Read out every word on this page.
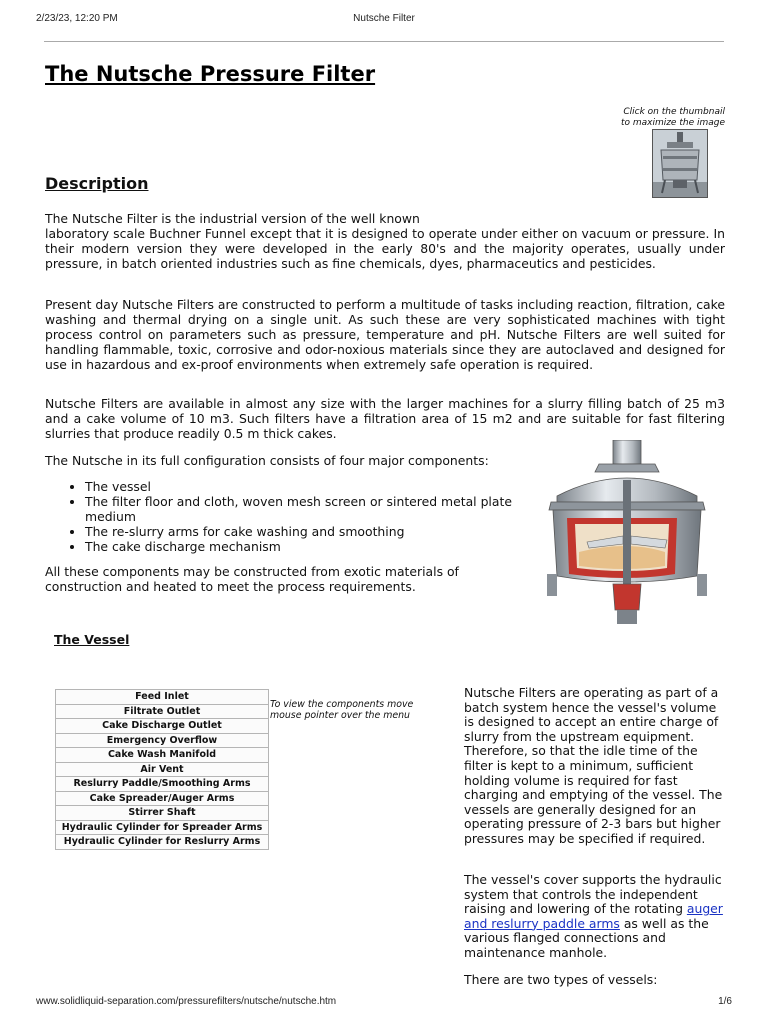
2/23/23, 12:20 PM	Nutsche Filter
The Nutsche Pressure Filter
Click on the thumbnail
to maximize the image
Description
The Nutsche Filter is the industrial version of the well known
laboratory scale Buchner Funnel except that it is designed to operate under either on vacuum or pressure. In their modern version they were developed in the early 80's and the majority operates, usually under pressure, in batch oriented industries such as fine chemicals, dyes, pharmaceutics and pesticides.

Present day Nutsche Filters are constructed to perform a multitude of tasks including reaction, filtration, cake washing and thermal drying on a single unit. As such these are very sophisticated machines with tight process control on parameters such as pressure, temperature and pH. Nutsche Filters are well suited for handling flammable, toxic, corrosive and odor-noxious materials since they are autoclaved and designed for use in hazardous and ex-proof environments when extremely safe operation is required.

Nutsche Filters are available in almost any size with the larger machines for a slurry filling batch of 25 m3 and a cake volume of 10 m3. Such filters have a filtration area of 15 m2 and are suitable for fast filtering slurries that produce readily 0.5 m thick cakes.

The Nutsche in its full configuration consists of four major components:

• The vessel
• The filter floor and cloth, woven mesh screen or sintered metal plate medium
• The re-slurry arms for cake washing and smoothing
• The cake discharge mechanism

All these components may be constructed from exotic materials of construction and heated to meet the process requirements.

The Vessel
Feed Inlet
Filtrate Outlet
Cake Discharge Outlet
Emergency Overflow
Cake Wash Manifold
Air Vent
Reslurry Paddle/Smoothing Arms
Cake Spreader/Auger Arms
Stirrer Shaft
Hydraulic Cylinder for Spreader Arms
Hydraulic Cylinder for Reslurry Arms
To view the components move mouse pointer over the menu

Nutsche Filters are operating as part of a batch system hence the vessel's volume is designed to accept an entire charge of slurry from the upstream equipment. Therefore, so that the idle time of the filter is kept to a minimum, sufficient holding volume is required for fast charging and emptying of the vessel. The vessels are generally designed for an operating pressure of 2-3 bars but higher pressures may be specified if required.

The vessel's cover supports the hydraulic system that controls the independent raising and lowering of the rotating auger and reslurry paddle arms as well as the various flanged connections and maintenance manhole.

There are two types of vessels:

www.solidliquid-separation.com/pressurefilters/nutsche/nutsche.htm	1/6
